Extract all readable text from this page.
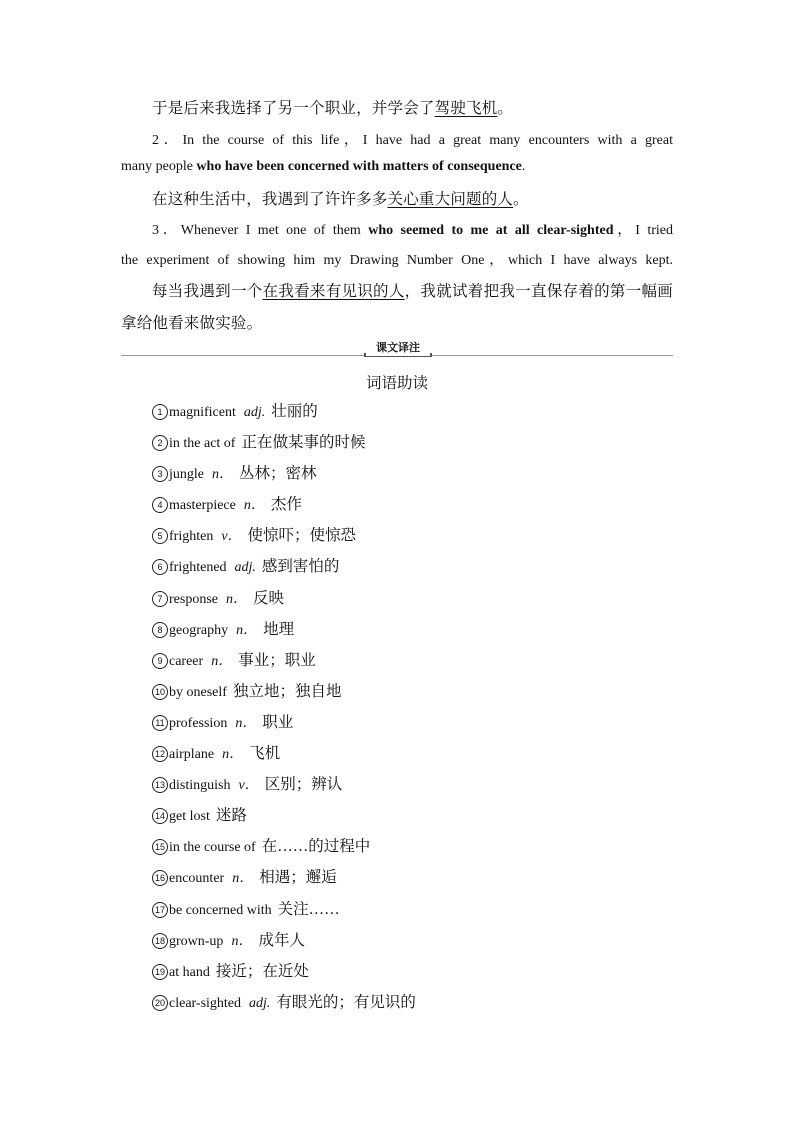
于是后来我选择了另一个职业，并学会了驾驶飞机。
2．In the course of this life，I have had a great many encounters with a great
many people who have been concerned with matters of consequence.
在这种生活中，我遇到了许许多多关心重大问题的人。
3．Whenever I met one of them who seemed to me at all clear-sighted，I tried
the experiment of showing him my Drawing Number One，which I have always kept.
每当我遇到一个在我看来有见识的人，我就试着把我一直保存着的第一幅画
拿给他看来做实验。
课文译注
词语助读
1 magnificent adj. 壮丽的
2 in the act of 正在做某事的时候
3 jungle n． 丛林；密林
4 masterpiece n． 杰作
5 frighten v． 使惊吓；使惊恐
6 frightened adj. 感到害怕的
7 response n． 反映
8 geography n． 地理
9 career n． 事业；职业
10 by oneself 独立地；独自地
11 profession n． 职业
12 airplane n． 飞机
13 distinguish v． 区别；辨认
14 get lost 迷路
15 in the course of 在……的过程中
16 encounter n． 相遇；邂逅
17 be concerned with 关注……
18 grown-up n． 成年人
19 at hand 接近；在近处
20 clear-sighted adj. 有眼光的；有见识的
